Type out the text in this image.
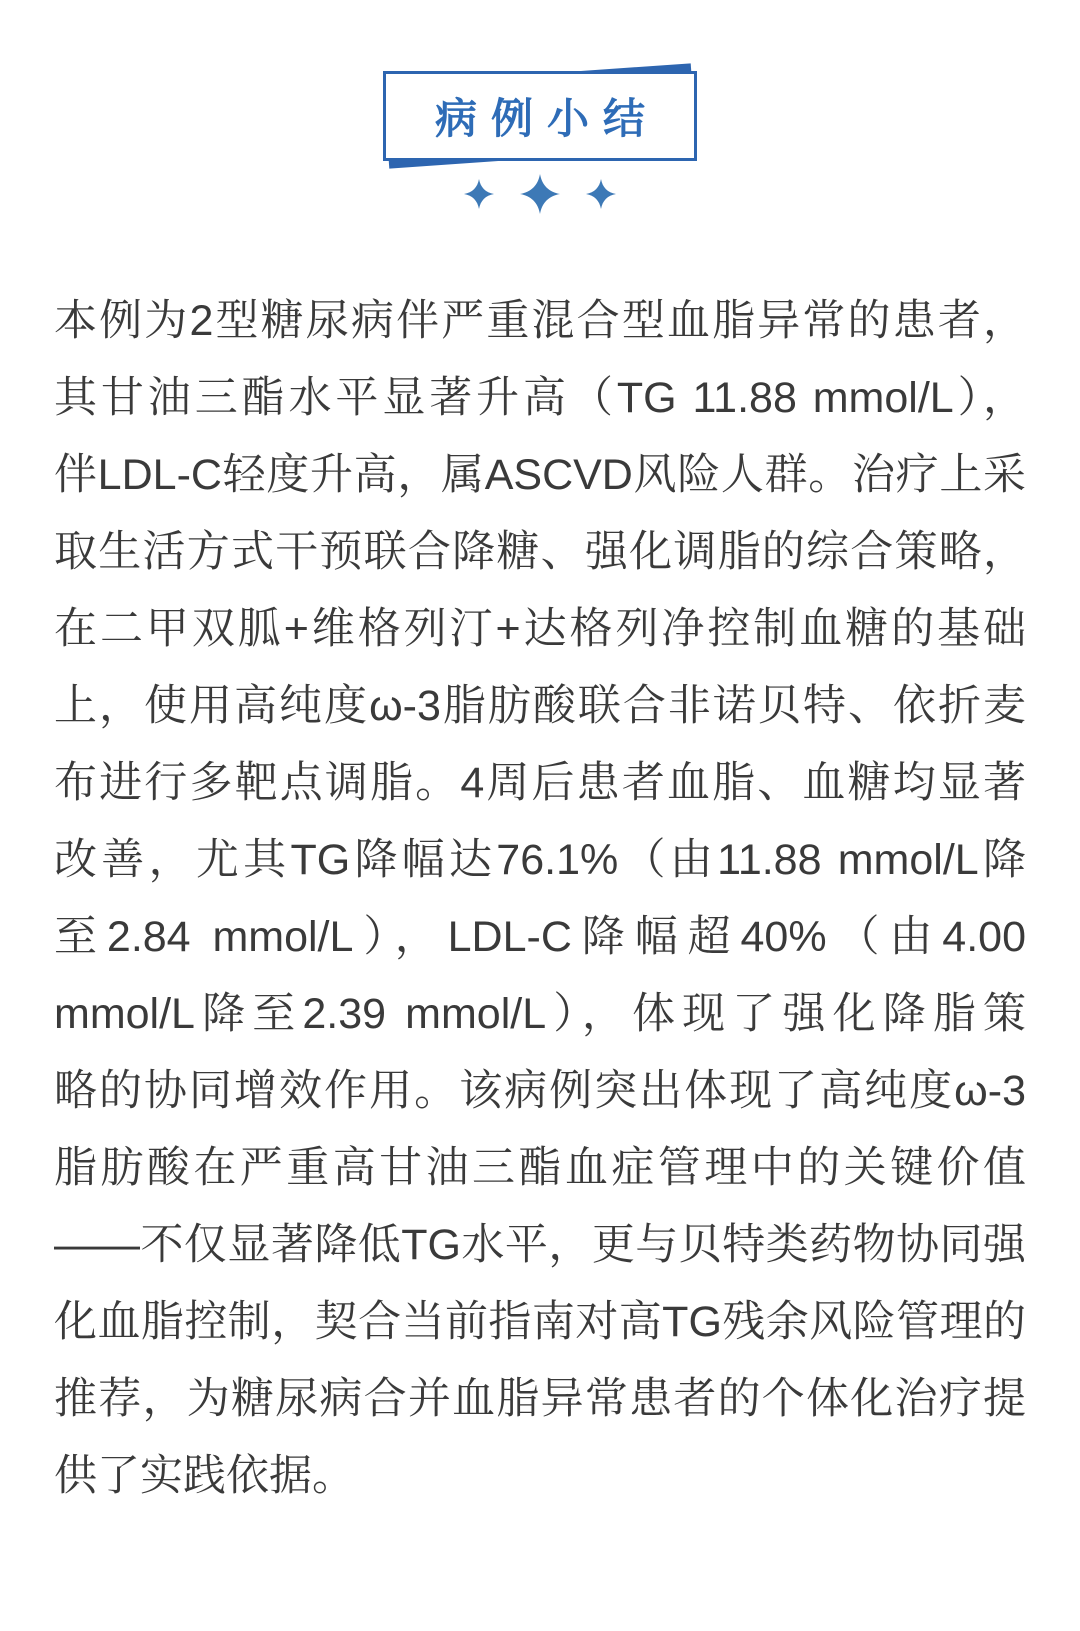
病例小结
本例为2型糖尿病伴严重混合型血脂异常的患者，
其甘油三酯水平显著升高（TG 11.88 mmol/L），
伴LDL-C轻度升高，属ASCVD风险人群。治疗上采
取生活方式干预联合降糖、强化调脂的综合策略，
在二甲双胍+维格列汀+达格列净控制血糖的基础
上，使用高纯度ω-3脂肪酸联合非诺贝特、依折麦
布进行多靶点调脂。4周后患者血脂、血糖均显著
改善，尤其TG降幅达76.1%（由11.88 mmol/L降
至2.84 mmol/L），LDL-C降幅超40%（由4.00
mmol/L降至2.39 mmol/L），体现了强化降脂策
略的协同增效作用。该病例突出体现了高纯度ω-3
脂肪酸在严重高甘油三酯血症管理中的关键价值
——不仅显著降低TG水平，更与贝特类药物协同强
化血脂控制，契合当前指南对高TG残余风险管理的
推荐，为糖尿病合并血脂异常患者的个体化治疗提
供了实践依据。
